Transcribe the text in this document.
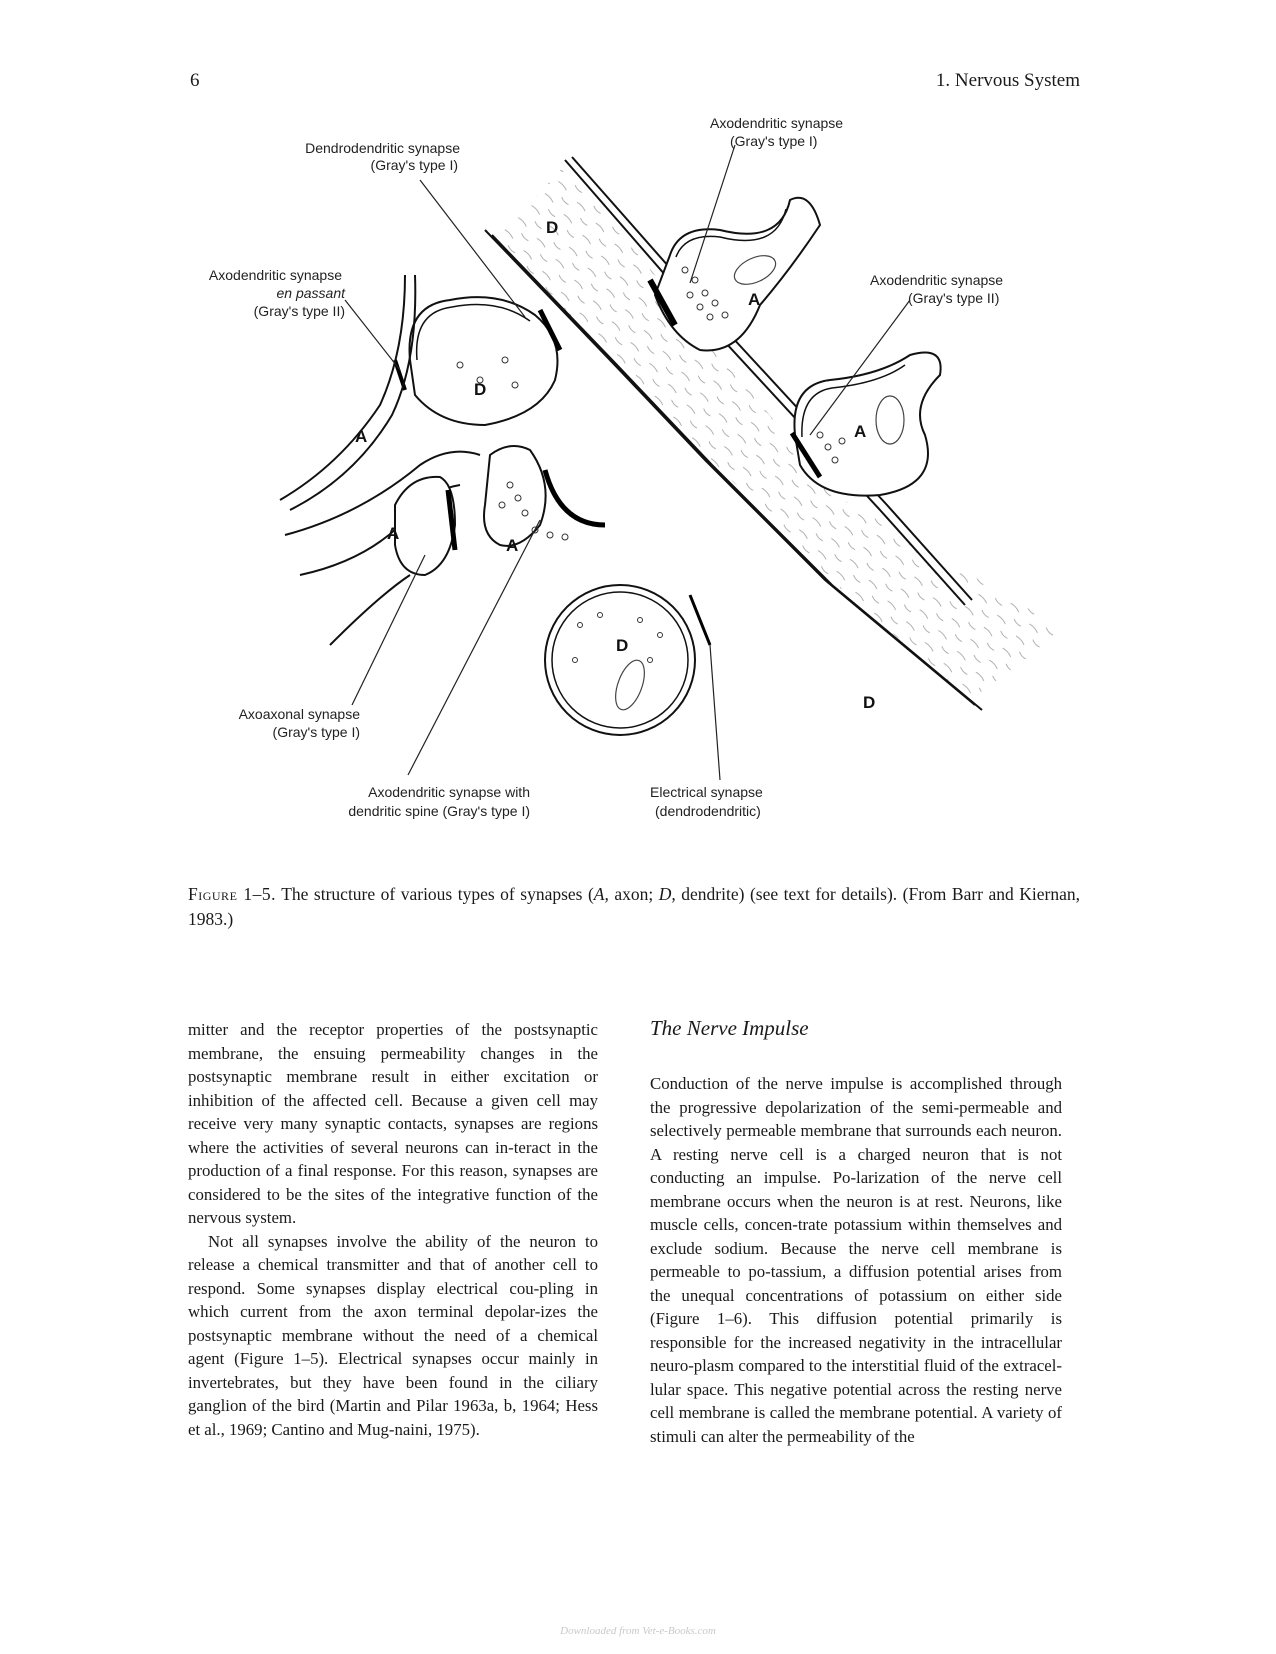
6	1. Nervous System
D
D
A
A
A
A
A
D
D
Dendrodendritic synapse
(Gray's type I)
Axodendritic synapse
(Gray's type I)
Axodendritic synapse
en passant
(Gray's type II)
Axodendritic synapse
(Gray's type II)
Axoaxonal synapse
(Gray's type I)
Axodendritic synapse with
dendritic spine (Gray's type I)
Electrical synapse
(dendrodendritic)
Figure 1–5. The structure of various types of synapses (A, axon; D, dendrite) (see text for details). (From Barr and Kiernan, 1983.)

mitter and the receptor properties of the postsynaptic membrane, the ensuing permeability changes in the postsynaptic membrane result in either excitation or inhibition of the affected cell. Because a given cell may receive very many synaptic contacts, synapses are regions where the activities of several neurons can in-teract in the production of a final response. For this reason, synapses are considered to be the sites of the integrative function of the nervous system.

Not all synapses involve the ability of the neuron to release a chemical transmitter and that of another cell to respond. Some synapses display electrical cou-pling in which current from the axon terminal depolar-izes the postsynaptic membrane without the need of a chemical agent (Figure 1–5). Electrical synapses occur mainly in invertebrates, but they have been found in the ciliary ganglion of the bird (Martin and Pilar 1963a, b, 1964; Hess et al., 1969; Cantino and Mug-naini, 1975).

The Nerve Impulse

Conduction of the nerve impulse is accomplished through the progressive depolarization of the semi-permeable and selectively permeable membrane that surrounds each neuron. A resting nerve cell is a charged neuron that is not conducting an impulse. Po-larization of the nerve cell membrane occurs when the neuron is at rest. Neurons, like muscle cells, concen-trate potassium within themselves and exclude sodium. Because the nerve cell membrane is permeable to po-tassium, a diffusion potential arises from the unequal concentrations of potassium on either side (Figure 1–6). This diffusion potential primarily is responsible for the increased negativity in the intracellular neuro-plasm compared to the interstitial fluid of the extracel-lular space. This negative potential across the resting nerve cell membrane is called the membrane potential. A variety of stimuli can alter the permeability of the

Downloaded from Vet-e-Books.com
